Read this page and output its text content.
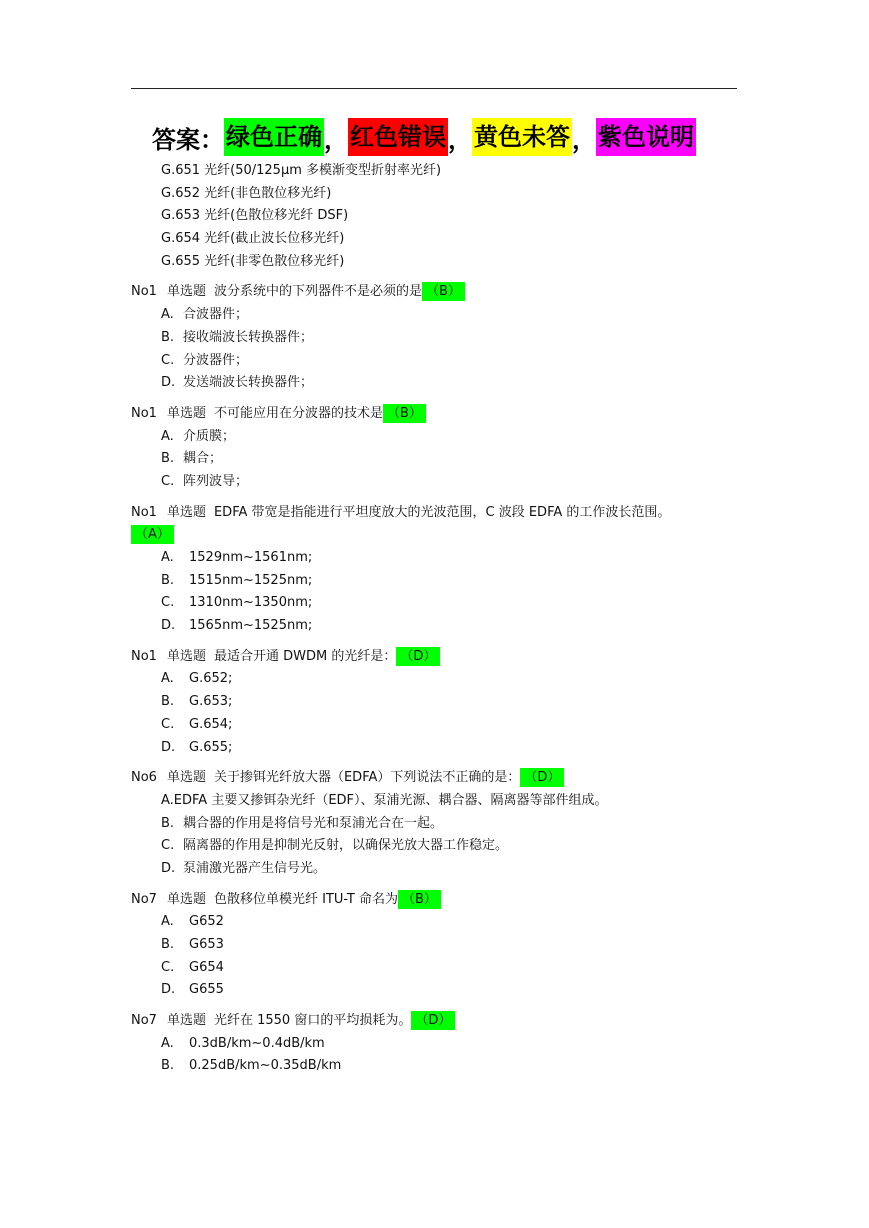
答案： 绿色正确 ， 红色错误 ， 黄色未答 ， 紫色说明
G.651 光纤(50/125μm 多模渐变型折射率光纤)
G.652 光纤(非色散位移光纤)
G.653 光纤(色散位移光纤 DSF)
G.654 光纤(截止波长位移光纤)
G.655 光纤(非零色散位移光纤)
No1 单选题 波分系统中的下列器件不是必须的是 （B）
A. 合波器件；
B. 接收端波长转换器件；
C. 分波器件；
D. 发送端波长转换器件；
No1 单选题 不可能应用在分波器的技术是 （B）
A. 介质膜；
B. 耦合；
C. 阵列波导；
No1 单选题 EDFA 带宽是指能进行平坦度放大的光波范围，C 波段 EDFA 的工作波长范围。
（A）
A.	1529nm~1561nm;
B.	1515nm~1525nm;
C.	1310nm~1350nm;
D.	1565nm~1525nm;
No1 单选题 最适合开通 DWDM 的光纤是： （D）
A.	G.652;
B.	G.653;
C.	G.654;
D.	G.655;
No6 单选题 关于掺铒光纤放大器（EDFA）下列说法不正确的是： （D）
A. EDFA 主要又掺铒杂光纤（EDF）、泵浦光源、耦合器、隔离器等部件组成。
B. 耦合器的作用是将信号光和泵浦光合在一起。
C. 隔离器的作用是抑制光反射，以确保光放大器工作稳定。
D. 泵浦激光器产生信号光。
No7 单选题 色散移位单模光纤 ITU-T 命名为 （B）
A.	G652
B.	G653
C.	G654
D.	G655
No7 单选题 光纤在 1550 窗口的平均损耗为。 （D）
A.	0.3dB/km~0.4dB/km
B.	0.25dB/km~0.35dB/km
